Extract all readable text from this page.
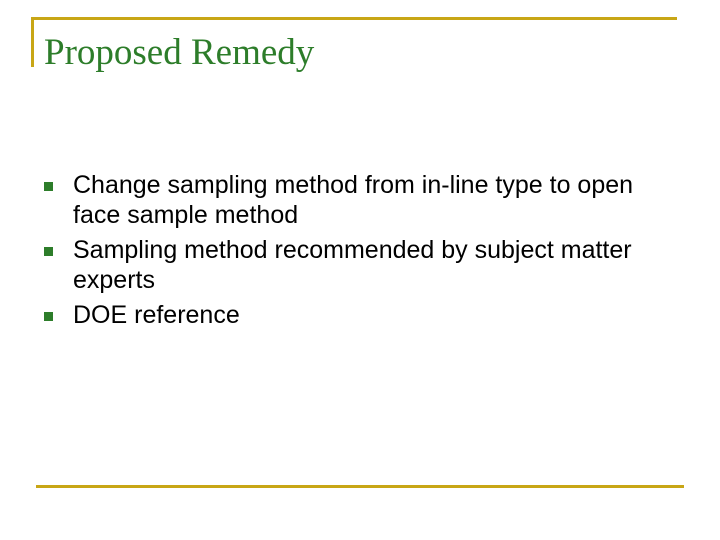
Proposed Remedy
Change sampling method from in-line type to open face sample method
Sampling method recommended by subject matter experts
DOE reference
